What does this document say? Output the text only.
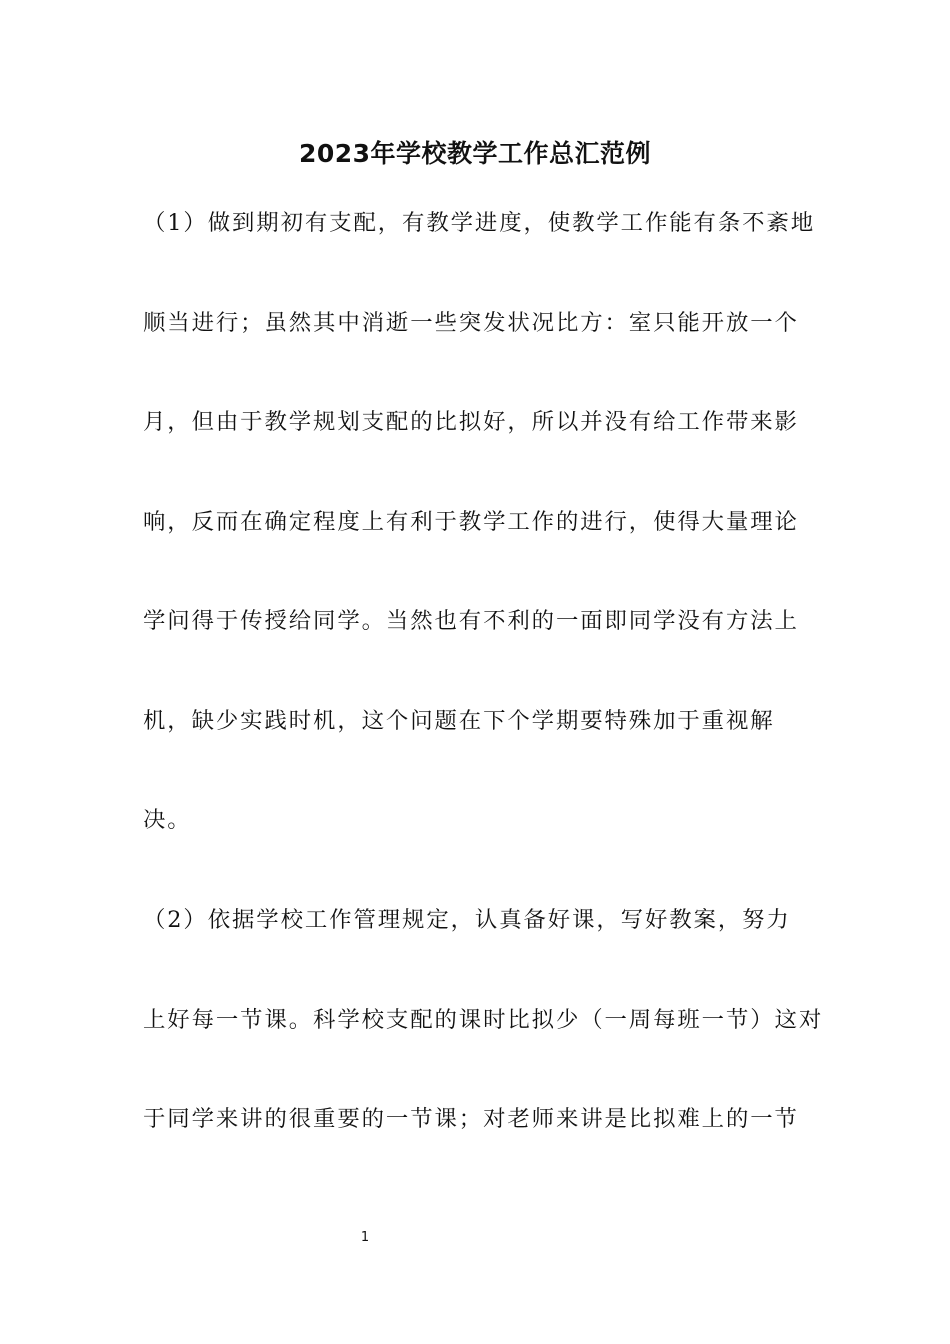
2023年学校教学工作总汇范例
（1）做到期初有支配，有教学进度，使教学工作能有条不紊地
顺当进行；虽然其中消逝一些突发状况比方：室只能开放一个
月，但由于教学规划支配的比拟好，所以并没有给工作带来影
响，反而在确定程度上有利于教学工作的进行，使得大量理论
学问得于传授给同学。当然也有不利的一面即同学没有方法上
机，缺少实践时机，这个问题在下个学期要特殊加于重视解
决。
（2）依据学校工作管理规定，认真备好课，写好教案，努力
上好每一节课。科学校支配的课时比拟少（一周每班一节）这对
于同学来讲的很重要的一节课；对老师来讲是比拟难上的一节
1
